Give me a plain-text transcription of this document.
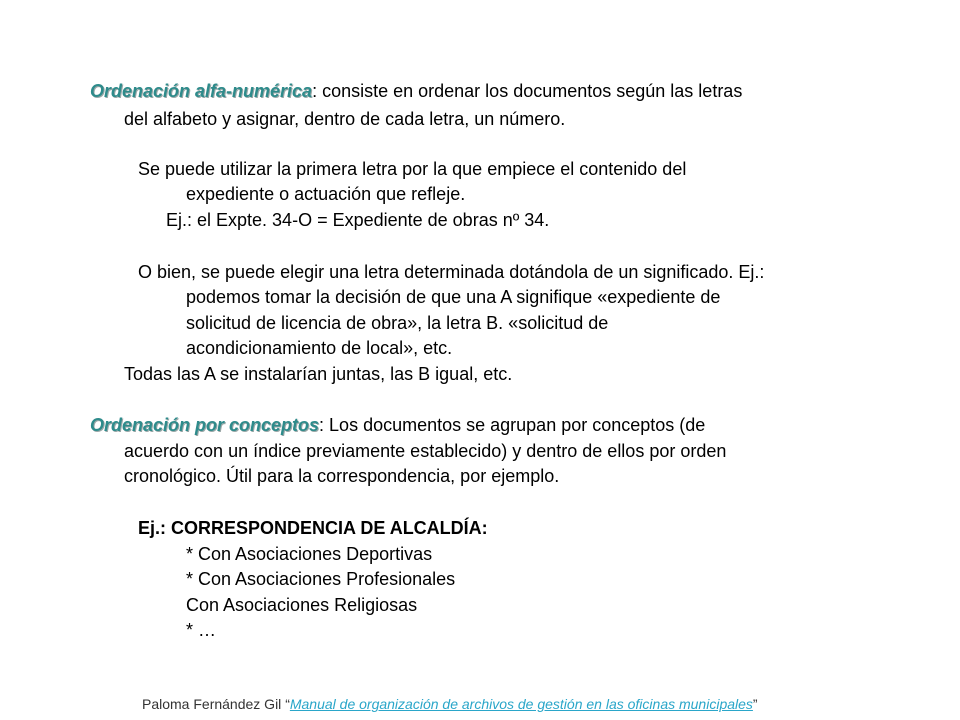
Ordenación alfa-numérica: consiste en ordenar los documentos según las letras
del alfabeto y asignar, dentro de cada letra, un número.
Se puede utilizar la primera letra por la que empiece el contenido del
expediente o actuación que refleje.
Ej.: el Expte. 34-O = Expediente de obras nº 34.
O bien, se puede elegir una letra determinada dotándola de un significado. Ej.:
podemos tomar la decisión de que una A signifique «expediente de
solicitud de licencia de obra», la letra B. «solicitud de
acondicionamiento de local», etc.
Todas las A se instalarían juntas, las B igual, etc.
Ordenación por conceptos: Los documentos se agrupan por conceptos (de
acuerdo con un índice previamente establecido) y dentro de ellos por orden
cronológico. Útil para la correspondencia, por ejemplo.
Ej.: CORRESPONDENCIA DE ALCALDÍA:
* Con Asociaciones Deportivas
* Con Asociaciones Profesionales
Con Asociaciones Religiosas
* …
Paloma Fernández Gil “Manual de organización de archivos de gestión en las oficinas municipales”
